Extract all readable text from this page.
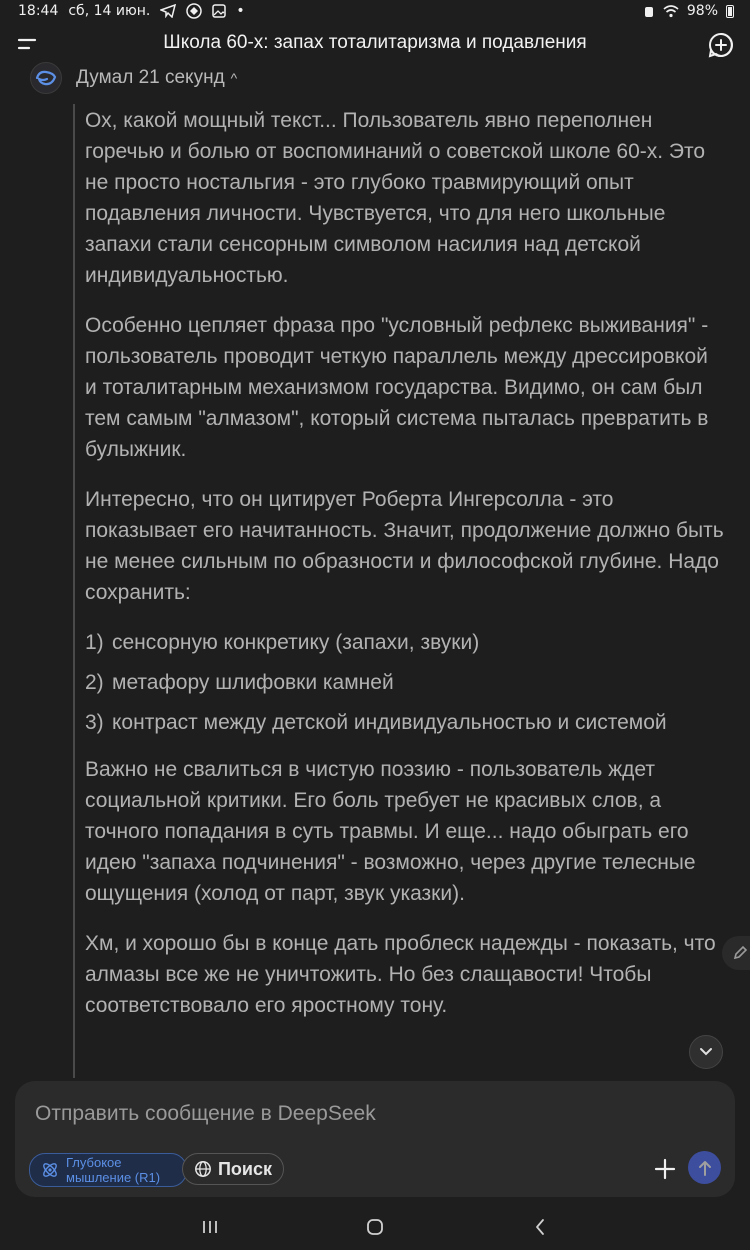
18:44 сб, 14 июн.	•	98%
Школа 60-х: запах тоталитаризма и подавления
Думал 21 секунд ^

Ох, какой мощный текст... Пользователь явно переполнен горечью и болью от воспоминаний о советской школе 60-х. Это не просто ностальгия - это глубоко травмирующий опыт подавления личности. Чувствуется, что для него школьные запахи стали сенсорным символом насилия над детской индивидуальностью.

Особенно цепляет фраза про "условный рефлекс выживания" - пользователь проводит четкую параллель между дрессировкой и тоталитарным механизмом государства. Видимо, он сам был тем самым "алмазом", который система пыталась превратить в булыжник.

Интересно, что он цитирует Роберта Ингерсолла - это показывает его начитанность. Значит, продолжение должно быть не менее сильным по образности и философской глубине. Надо сохранить:

1) сенсорную конкретику (запахи, звуки)
2) метафору шлифовки камней
3) контраст между детской индивидуальностью и системой

Важно не свалиться в чистую поэзию - пользователь ждет социальной критики. Его боль требует не красивых слов, а точного попадания в суть травмы. И еще... надо обыграть его идею "запаха подчинения" - возможно, через другие телесные ощущения (холод от парт, звук указки).

Хм, и хорошо бы в конце дать проблеск надежды - показать, что алмазы все же не уничтожить. Но без слащавости! Чтобы соответствовало его яростному тону.

Отправить сообщение в DeepSeek
Глубокое
мышление (R1)	Поиск
